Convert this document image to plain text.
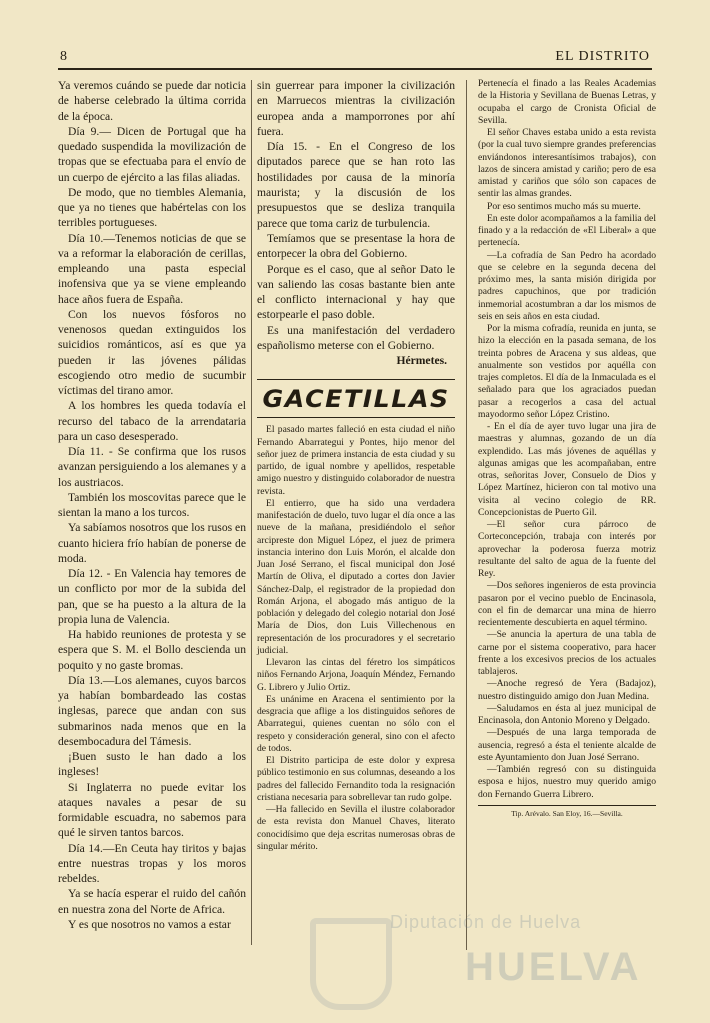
8	EL DISTRITO

Ya veremos cuándo se puede dar noticia de haberse celebrado la última corrida de la época.

Día 9.— Dicen de Portugal que ha quedado suspendida la movilización de tropas que se efectuaba para el envío de un cuerpo de ejército a las filas aliadas.

De modo, que no tiembles Alemania, que ya no tienes que habértelas con los terribles portugueses.

Día 10.—Tenemos noticias de que se va a reformar la elaboración de cerillas, empleando una pasta especial inofensiva que ya se viene empleando hace años fuera de España.

Con los nuevos fósforos no venenosos quedan extinguidos los suicidios románticos, así es que ya pueden ir las jóvenes pálidas escogiendo otro medio de sucumbir víctimas del tirano amor.

A los hombres les queda todavía el recurso del tabaco de la arrendataria para un caso desesperado.

Día 11. - Se confirma que los rusos avanzan persiguiendo a los alemanes y a los austriacos.

También los moscovitas parece que le sientan la mano a los turcos.

Ya sabíamos nosotros que los rusos en cuanto hiciera frío habían de ponerse de moda.

Día 12. - En Valencia hay temores de un conflicto por mor de la subida del pan, que se ha puesto a la altura de la propia luna de Valencia.

Ha habido reuniones de protesta y se espera que S. M. el Bollo descienda un poquito y no gaste bromas.

Día 13.—Los alemanes, cuyos barcos ya habían bombardeado las costas inglesas, parece que andan con sus submarinos nada menos que en la desembocadura del Támesis.

¡Buen susto le han dado a los ingleses!

Si Inglaterra no puede evitar los ataques navales a pesar de su formidable escuadra, no sabemos para qué le sirven tantos barcos.

Día 14.—En Ceuta hay tiritos y bajas entre nuestras tropas y los moros rebeldes.

Ya se hacía esperar el ruido del cañón en nuestra zona del Norte de Africa.

Y es que nosotros no vamos a estar

sin guerrear para imponer la civilización en Marruecos mientras la civilización europea anda a mamporrones por ahí fuera.

Día 15. - En el Congreso de los diputados parece que se han roto las hostilidades por causa de la minoría maurista; y la discusión de los presupuestos que se desliza tranquila parece que toma cariz de turbulencia.

Temíamos que se presentase la hora de entorpecer la obra del Gobierno.

Porque es el caso, que al señor Dato le van saliendo las cosas bastante bien ante el conflicto internacional y hay que estorpearle el paso doble.

Es una manifestación del verdadero españolismo meterse con el Gobierno.

Hérmetes.
GACETILLAS

El pasado martes falleció en esta ciudad el niño Fernando Abarrategui y Pontes, hijo menor del señor juez de primera instancia de esta ciudad y su partido, de igual nombre y apellidos, respetable amigo nuestro y distinguido colaborador de nuestra revista.

El entierro, que ha sido una verdadera manifestación de duelo, tuvo lugar el día once a las nueve de la mañana, presidiéndolo el señor arcipreste don Miguel López, el juez de primera instancia interino don Luis Morón, el alcalde don Juan José Serrano, el fiscal municipal don José Martín de Oliva, el diputado a cortes don Javier Sánchez-Dalp, el registrador de la propiedad don Román Arjona, el abogado más antiguo de la población y delegado del colegio notarial don José María de Dios, don Luis Villechenous en representación de los procuradores y el secretario judicial.

Llevaron las cintas del féretro los simpáticos niños Fernando Arjona, Joaquín Méndez, Fernando G. Librero y Julio Ortiz.

Es unánime en Aracena el sentimiento por la desgracia que aflige a los distinguidos señores de Abarrategui, quienes cuentan no sólo con el respeto y consideración general, sino con el afecto de todos.

El Distrito participa de este dolor y expresa público testimonio en sus columnas, deseando a los padres del fallecido Fernandito toda la resignación cristiana necesaria para sobrellevar tan rudo golpe.

—Ha fallecido en Sevilla el ilustre colaborador de esta revista don Manuel Chaves, literato conocidísimo que deja escritas numerosas obras de singular mérito.

Pertenecía el finado a las Reales Academias de la Historia y Sevillana de Buenas Letras, y ocupaba el cargo de Cronista Oficial de Sevilla.

El señor Chaves estaba unido a esta revista (por la cual tuvo siempre grandes preferencias enviándonos interesantísimos trabajos), con lazos de sincera amistad y cariño; pero de esa amistad y cariños que sólo son capaces de sentir las almas grandes.

Por eso sentimos mucho más su muerte.

En este dolor acompañamos a la familia del finado y a la redacción de «El Liberal» a que pertenecía.

—La cofradía de San Pedro ha acordado que se celebre en la segunda decena del próximo mes, la santa misión dirigida por padres capuchinos, que por tradición inmemorial acostumbran a dar los mismos de seis en seis años en esta ciudad.

Por la misma cofradía, reunida en junta, se hizo la elección en la pasada semana, de los treinta pobres de Aracena y sus aldeas, que anualmente son vestidos por aquélla con trajes completos. El día de la Inmaculada es el señalado para que los agraciados puedan pasar a recogerlos a casa del actual mayodormo señor López Cristino.

- En el día de ayer tuvo lugar una jira de maestras y alumnas, gozando de un día explendido. Las más jóvenes de aquéllas y algunas amigas que les acompañaban, entre otras, señoritas Jover, Consuelo de Dios y López Martínez, hicieron con tal motivo una visita al vecino colegio de RR. Concepcionistas de Puerto Gil.

—El señor cura párroco de Corteconcepción, trabaja con interés por aprovechar la poderosa fuerza motriz resultante del salto de agua de la fuente del Rey.

—Dos señores ingenieros de esta provincia pasaron por el vecino pueblo de Encinasola, con el fin de demarcar una mina de hierro recientemente descubierta en aquel término.

—Se anuncia la apertura de una tabla de carne por el sistema cooperativo, para hacer frente a los excesivos precios de los actuales tablajeros.

—Anoche regresó de Yera (Badajoz), nuestro distinguido amigo don Juan Medina.

—Saludamos en ésta al juez municipal de Encinasola, don Antonio Moreno y Delgado.

—Después de una larga temporada de ausencia, regresó a ésta el teniente alcalde de este Ayuntamiento don Juan José Serrano.

—También regresó con su distinguida esposa e hijos, nuestro muy querido amigo don Fernando Guerra Librero.

Tip. Arévalo. San Eloy, 16.—Sevilla.
Diputación de Huelva
HUELVA
